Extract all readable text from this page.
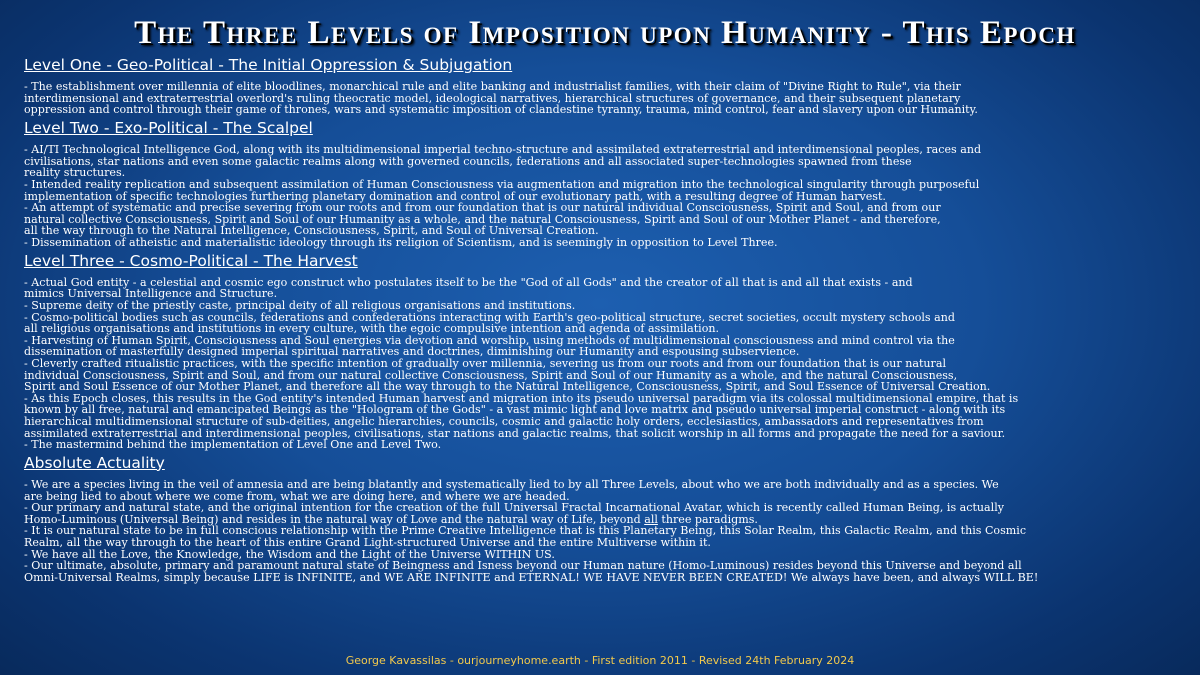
The Three Levels of Imposition upon Humanity - This Epoch
Level One - Geo-Political - The Initial Oppression & Subjugation
- The establishment over millennia of elite bloodlines, monarchical rule and elite banking and industrialist families, with their claim of "Divine Right to Rule", via their
interdimensional and extraterrestrial overlord's ruling theocratic model, ideological narratives, hierarchical structures of governance, and their subsequent planetary
oppression and control through their game of thrones, wars and systematic imposition of clandestine tyranny, trauma, mind control, fear and slavery upon our Humanity.
Level Two - Exo-Political - The Scalpel
- AI/TI Technological Intelligence God, along with its multidimensional imperial techno-structure and assimilated extraterrestrial and interdimensional peoples, races and
civilisations, star nations and even some galactic realms along with governed councils, federations and all associated super-technologies spawned from these
reality structures.
- Intended reality replication and subsequent assimilation of Human Consciousness via augmentation and migration into the technological singularity through purposeful
implementation of specific technologies furthering planetary domination and control of our evolutionary path, with a resulting degree of Human harvest.
- An attempt of systematic and precise severing from our roots and from our foundation that is our natural individual Consciousness, Spirit and Soul, and from our
natural collective Consciousness, Spirit and Soul of our Humanity as a whole, and the natural Consciousness, Spirit and Soul of our Mother Planet - and therefore,
all the way through to the Natural Intelligence, Consciousness, Spirit, and Soul of Universal Creation.
- Dissemination of atheistic and materialistic ideology through its religion of Scientism, and is seemingly in opposition to Level Three.
Level Three - Cosmo-Political - The Harvest
- Actual God entity - a celestial and cosmic ego construct who postulates itself to be the "God of all Gods" and the creator of all that is and all that exists - and
mimics Universal Intelligence and Structure.
- Supreme deity of the priestly caste, principal deity of all religious organisations and institutions.
- Cosmo-political bodies such as councils, federations and confederations interacting with Earth's geo-political structure, secret societies, occult mystery schools and
all religious organisations and institutions in every culture, with the egoic compulsive intention and agenda of assimilation.
- Harvesting of Human Spirit, Consciousness and Soul energies via devotion and worship, using methods of multidimensional consciousness and mind control via the
dissemination of masterfully designed imperial spiritual narratives and doctrines, diminishing our Humanity and espousing subservience.
- Cleverly crafted ritualistic practices, with the specific intention of gradually over millennia, severing us from our roots and from our foundation that is our natural
individual Consciousness, Spirit and Soul, and from our natural collective Consciousness, Spirit and Soul of our Humanity as a whole, and the natural Consciousness,
Spirit and Soul Essence of our Mother Planet, and therefore all the way through to the Natural Intelligence, Consciousness, Spirit, and Soul Essence of Universal Creation.
- As this Epoch closes, this results in the God entity's intended Human harvest and migration into its pseudo universal paradigm via its colossal multidimensional empire, that is
known by all free, natural and emancipated Beings as the "Hologram of the Gods" - a vast mimic light and love matrix and pseudo universal imperial construct - along with its
hierarchical multidimensional structure of sub-deities, angelic hierarchies, councils, cosmic and galactic holy orders, ecclesiastics, ambassadors and representatives from
assimilated extraterrestrial and interdimensional peoples, civilisations, star nations and galactic realms, that solicit worship in all forms and propagate the need for a saviour.
- The mastermind behind the implementation of Level One and Level Two.
Absolute Actuality
- We are a species living in the veil of amnesia and are being blatantly and systematically lied to by all Three Levels, about who we are both individually and as a species. We
are being lied to about where we come from, what we are doing here, and where we are headed.
- Our primary and natural state, and the original intention for the creation of the full Universal Fractal Incarnational Avatar, which is recently called Human Being, is actually
Homo-Luminous (Universal Being) and resides in the natural way of Love and the natural way of Life, beyond all three paradigms.
- It is our natural state to be in full conscious relationship with the Prime Creative Intelligence that is this Planetary Being, this Solar Realm, this Galactic Realm, and this Cosmic
Realm, all the way through to the heart of this entire Grand Light-structured Universe and the entire Multiverse within it.
- We have all the Love, the Knowledge, the Wisdom and the Light of the Universe WITHIN US.
- Our ultimate, absolute, primary and paramount natural state of Beingness and Isness beyond our Human nature (Homo-Luminous) resides beyond this Universe and beyond all
Omni-Universal Realms, simply because LIFE is INFINITE, and WE ARE INFINITE and ETERNAL! WE HAVE NEVER BEEN CREATED! We always have been, and always WILL BE!
George Kavassilas - ourjourneyhome.earth - First edition 2011 - Revised 24th February 2024
